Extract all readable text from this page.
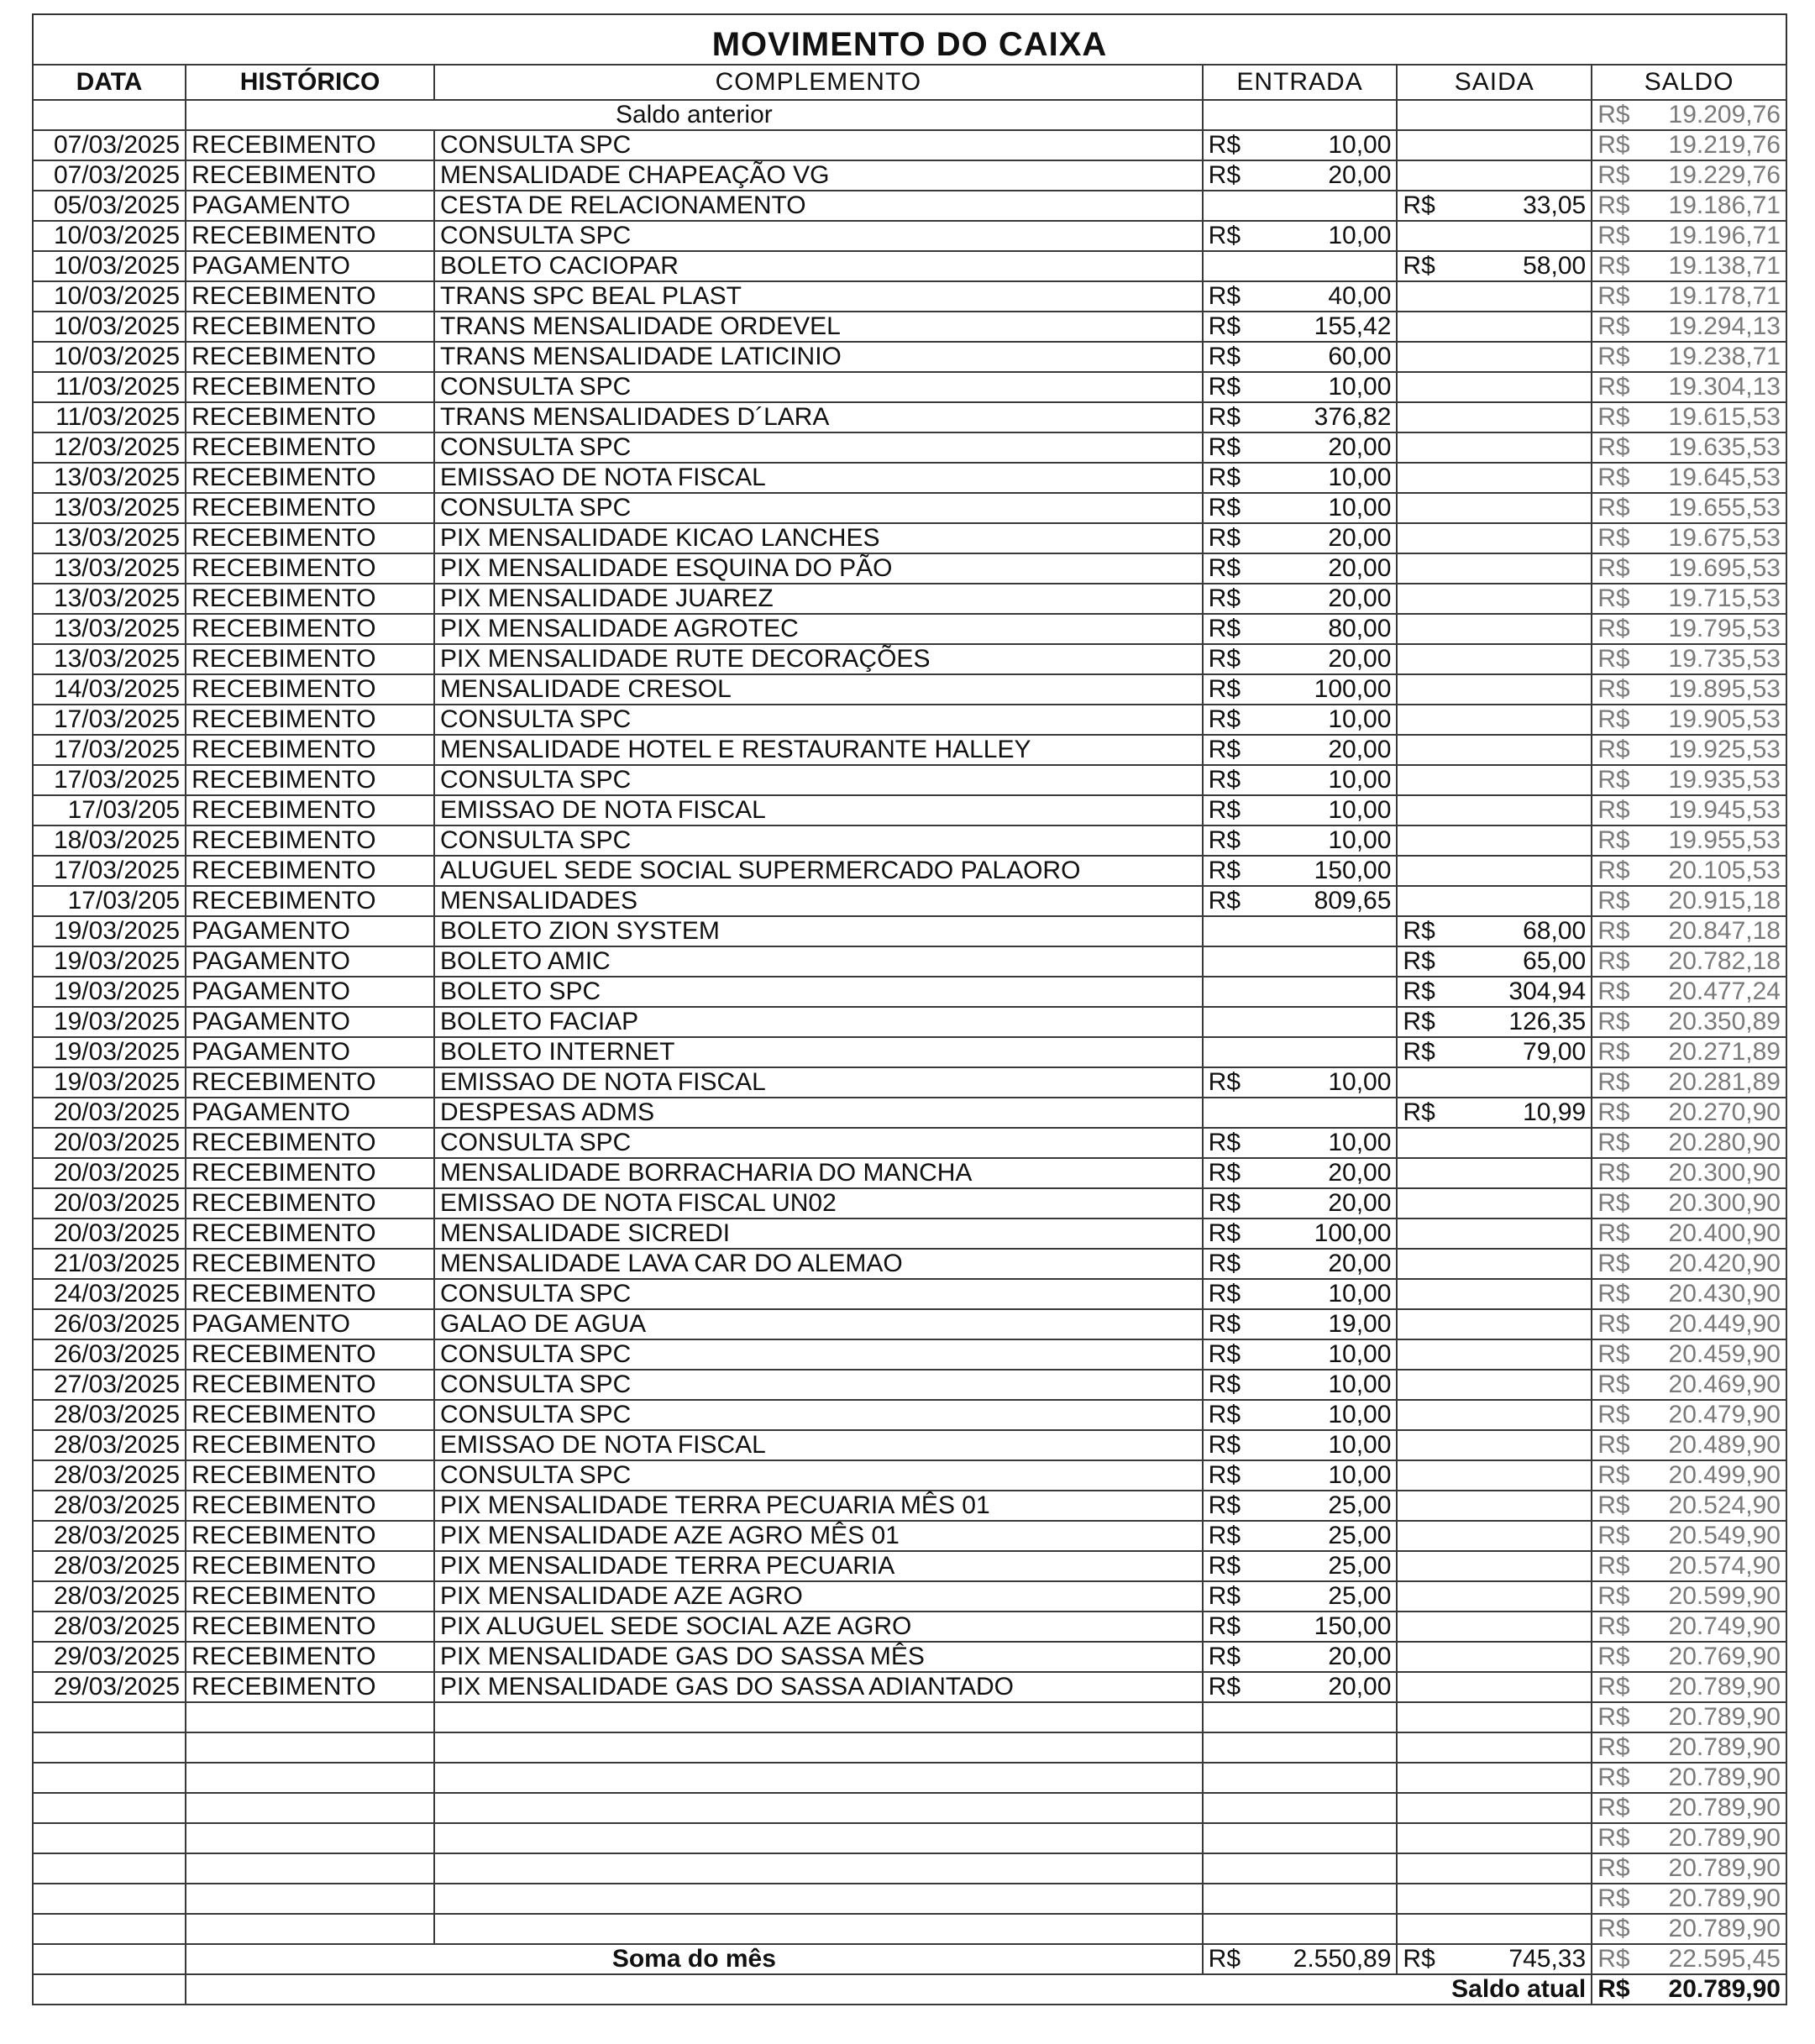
MOVIMENTO DO CAIXA
DATA	HISTÓRICO	COMPLEMENTO	ENTRADA	SAIDA	SALDO
	Saldo anterior				R$ 19.209,76

07/03/2025	RECEBIMENTO	CONSULTA SPC	R$ 10,00		R$ 19.219,76

07/03/2025	RECEBIMENTO	MENSALIDADE CHAPEAÇÃO VG	R$ 20,00		R$ 19.229,76

05/03/2025	PAGAMENTO	CESTA DE RELACIONAMENTO		R$ 33,05	R$ 19.186,71

10/03/2025	RECEBIMENTO	CONSULTA SPC	R$ 10,00		R$ 19.196,71

10/03/2025	PAGAMENTO	BOLETO CACIOPAR		R$ 58,00	R$ 19.138,71

10/03/2025	RECEBIMENTO	TRANS SPC BEAL PLAST	R$ 40,00		R$ 19.178,71

10/03/2025	RECEBIMENTO	TRANS MENSALIDADE ORDEVEL	R$ 155,42		R$ 19.294,13

10/03/2025	RECEBIMENTO	TRANS MENSALIDADE LATICINIO	R$ 60,00		R$ 19.238,71

11/03/2025	RECEBIMENTO	CONSULTA SPC	R$ 10,00		R$ 19.304,13

11/03/2025	RECEBIMENTO	TRANS MENSALIDADES D´LARA	R$ 376,82		R$ 19.615,53

12/03/2025	RECEBIMENTO	CONSULTA SPC	R$ 20,00		R$ 19.635,53

13/03/2025	RECEBIMENTO	EMISSAO DE NOTA FISCAL	R$ 10,00		R$ 19.645,53

13/03/2025	RECEBIMENTO	CONSULTA SPC	R$ 10,00		R$ 19.655,53

13/03/2025	RECEBIMENTO	PIX MENSALIDADE KICAO LANCHES	R$ 20,00		R$ 19.675,53

13/03/2025	RECEBIMENTO	PIX MENSALIDADE ESQUINA DO PÃO	R$ 20,00		R$ 19.695,53

13/03/2025	RECEBIMENTO	PIX MENSALIDADE JUAREZ	R$ 20,00		R$ 19.715,53

13/03/2025	RECEBIMENTO	PIX MENSALIDADE AGROTEC	R$ 80,00		R$ 19.795,53

13/03/2025	RECEBIMENTO	PIX MENSALIDADE RUTE DECORAÇÕES	R$ 20,00		R$ 19.735,53

14/03/2025	RECEBIMENTO	MENSALIDADE CRESOL	R$ 100,00		R$ 19.895,53

17/03/2025	RECEBIMENTO	CONSULTA SPC	R$ 10,00		R$ 19.905,53

17/03/2025	RECEBIMENTO	MENSALIDADE HOTEL E RESTAURANTE HALLEY	R$ 20,00		R$ 19.925,53

17/03/2025	RECEBIMENTO	CONSULTA SPC	R$ 10,00		R$ 19.935,53

17/03/205	RECEBIMENTO	EMISSAO DE NOTA FISCAL	R$ 10,00		R$ 19.945,53

18/03/2025	RECEBIMENTO	CONSULTA SPC	R$ 10,00		R$ 19.955,53

17/03/2025	RECEBIMENTO	ALUGUEL SEDE SOCIAL SUPERMERCADO PALAORO	R$ 150,00		R$ 20.105,53

17/03/205	RECEBIMENTO	MENSALIDADES	R$ 809,65		R$ 20.915,18

19/03/2025	PAGAMENTO	BOLETO ZION SYSTEM		R$ 68,00	R$ 20.847,18

19/03/2025	PAGAMENTO	BOLETO AMIC		R$ 65,00	R$ 20.782,18

19/03/2025	PAGAMENTO	BOLETO SPC		R$ 304,94	R$ 20.477,24

19/03/2025	PAGAMENTO	BOLETO FACIAP		R$ 126,35	R$ 20.350,89

19/03/2025	PAGAMENTO	BOLETO INTERNET		R$ 79,00	R$ 20.271,89

19/03/2025	RECEBIMENTO	EMISSAO DE NOTA FISCAL	R$ 10,00		R$ 20.281,89

20/03/2025	PAGAMENTO	DESPESAS ADMS		R$ 10,99	R$ 20.270,90

20/03/2025	RECEBIMENTO	CONSULTA SPC	R$ 10,00		R$ 20.280,90

20/03/2025	RECEBIMENTO	MENSALIDADE BORRACHARIA DO MANCHA	R$ 20,00		R$ 20.300,90

20/03/2025	RECEBIMENTO	EMISSAO DE NOTA FISCAL UN02	R$ 20,00		R$ 20.300,90

20/03/2025	RECEBIMENTO	MENSALIDADE SICREDI	R$ 100,00		R$ 20.400,90

21/03/2025	RECEBIMENTO	MENSALIDADE LAVA CAR DO ALEMAO	R$ 20,00		R$ 20.420,90

24/03/2025	RECEBIMENTO	CONSULTA SPC	R$ 10,00		R$ 20.430,90

26/03/2025	PAGAMENTO	GALAO DE AGUA	R$ 19,00		R$ 20.449,90

26/03/2025	RECEBIMENTO	CONSULTA SPC	R$ 10,00		R$ 20.459,90

27/03/2025	RECEBIMENTO	CONSULTA SPC	R$ 10,00		R$ 20.469,90

28/03/2025	RECEBIMENTO	CONSULTA SPC	R$ 10,00		R$ 20.479,90

28/03/2025	RECEBIMENTO	EMISSAO DE NOTA FISCAL	R$ 10,00		R$ 20.489,90

28/03/2025	RECEBIMENTO	CONSULTA SPC	R$ 10,00		R$ 20.499,90

28/03/2025	RECEBIMENTO	PIX MENSALIDADE TERRA PECUARIA MÊS 01	R$ 25,00		R$ 20.524,90

28/03/2025	RECEBIMENTO	PIX MENSALIDADE AZE AGRO MÊS 01	R$ 25,00		R$ 20.549,90

28/03/2025	RECEBIMENTO	PIX MENSALIDADE TERRA PECUARIA	R$ 25,00		R$ 20.574,90

28/03/2025	RECEBIMENTO	PIX MENSALIDADE AZE AGRO	R$ 25,00		R$ 20.599,90

28/03/2025	RECEBIMENTO	PIX ALUGUEL SEDE SOCIAL AZE AGRO	R$ 150,00		R$ 20.749,90

29/03/2025	RECEBIMENTO	PIX MENSALIDADE GAS DO SASSA MÊS	R$ 20,00		R$ 20.769,90

29/03/2025	RECEBIMENTO	PIX MENSALIDADE GAS DO SASSA ADIANTADO	R$ 20,00		R$ 20.789,90

					R$ 20.789,90

					R$ 20.789,90

					R$ 20.789,90

					R$ 20.789,90

					R$ 20.789,90

					R$ 20.789,90

					R$ 20.789,90

					R$ 20.789,90

	Soma do mês		R$ 2.550,89	R$ 745,33	R$ 22.595,45

	Saldo atual				R$ 20.789,90
